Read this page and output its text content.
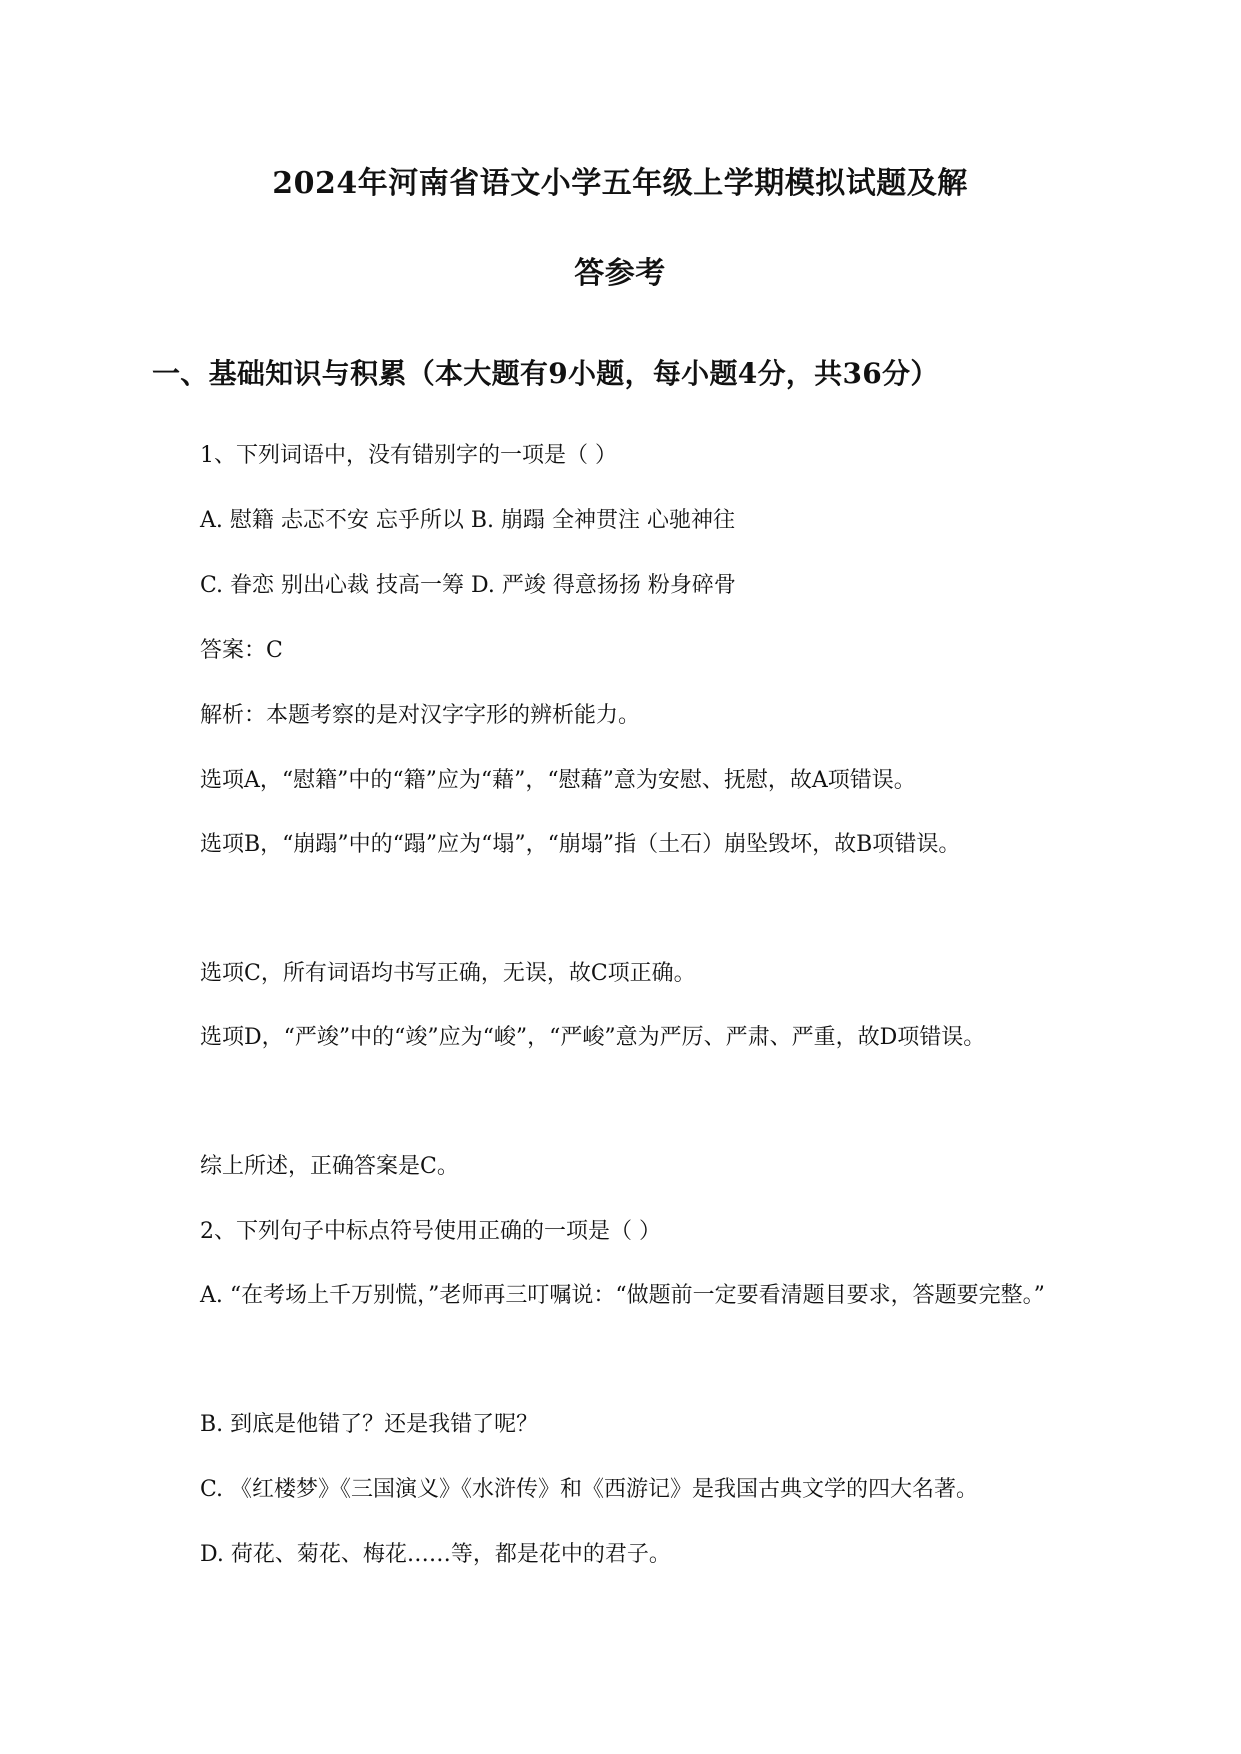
2024年河南省语文小学五年级上学期模拟试题及解
答参考
一、基础知识与积累（本大题有9小题，每小题4分，共36分）
1、下列词语中，没有错别字的一项是（ ）
A. 慰籍 忐忑不安 忘乎所以 B. 崩蹋 全神贯注 心驰神往
C. 眷恋 别出心裁 技高一筹 D. 严竣 得意扬扬 粉身碎骨
答案：C
解析：本题考察的是对汉字字形的辨析能力。
选项A，“慰籍”中的“籍”应为“藉”，“慰藉”意为安慰、抚慰，故A项错误。
选项B，“崩蹋”中的“蹋”应为“塌”，“崩塌”指（土石）崩坠毁坏，故B项错误。
选项C，所有词语均书写正确，无误，故C项正确。
选项D，“严竣”中的“竣”应为“峻”，“严峻”意为严厉、严肃、严重，故D项错误。
综上所述，正确答案是C。
2、下列句子中标点符号使用正确的一项是（ ）
A. “在考场上千万别慌，”老师再三叮嘱说：“做题前一定要看清题目要求，答题要完整。”
B. 到底是他错了？还是我错了呢？
C. 《红楼梦》《三国演义》《水浒传》和《西游记》是我国古典文学的四大名著。
D. 荷花、菊花、梅花……等，都是花中的君子。
